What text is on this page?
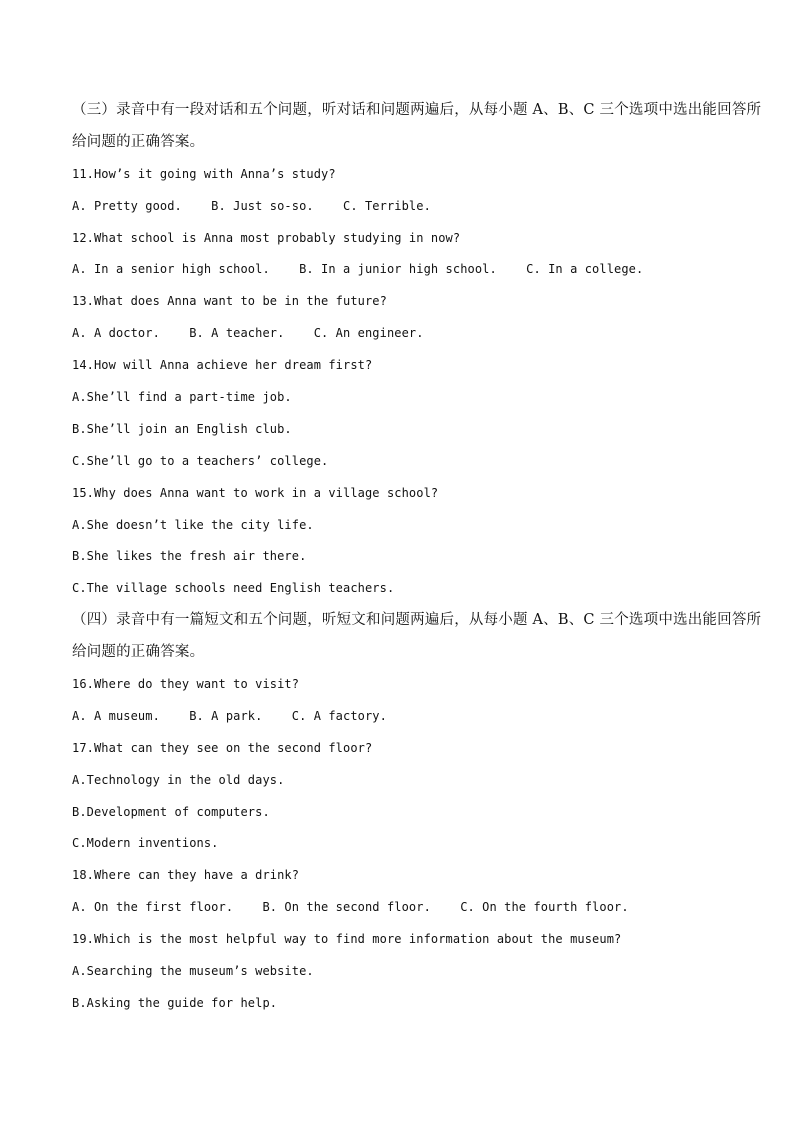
（三）录音中有一段对话和五个问题，听对话和问题两遍后，从每小题 A、B、C 三个选项中选出能回答所
给问题的正确答案。
11.How’s it going with Anna’s study?
A. Pretty good.    B. Just so-so.    C. Terrible.
12.What school is Anna most probably studying in now?
A. In a senior high school.    B. In a junior high school.    C. In a college.
13.What does Anna want to be in the future?
A. A doctor.    B. A teacher.    C. An engineer.
14.How will Anna achieve her dream first?
A.She’ll find a part-time job.
B.She’ll join an English club.
C.She’ll go to a teachers’ college.
15.Why does Anna want to work in a village school?
A.She doesn’t like the city life.
B.She likes the fresh air there.
C.The village schools need English teachers.
（四）录音中有一篇短文和五个问题，听短文和问题两遍后，从每小题 A、B、C 三个选项中选出能回答所
给问题的正确答案。
16.Where do they want to visit?
A. A museum.    B. A park.    C. A factory.
17.What can they see on the second floor?
A.Technology in the old days.
B.Development of computers.
C.Modern inventions.
18.Where can they have a drink?
A. On the first floor.    B. On the second floor.    C. On the fourth floor.
19.Which is the most helpful way to find more information about the museum?
A.Searching the museum’s website.
B.Asking the guide for help.
